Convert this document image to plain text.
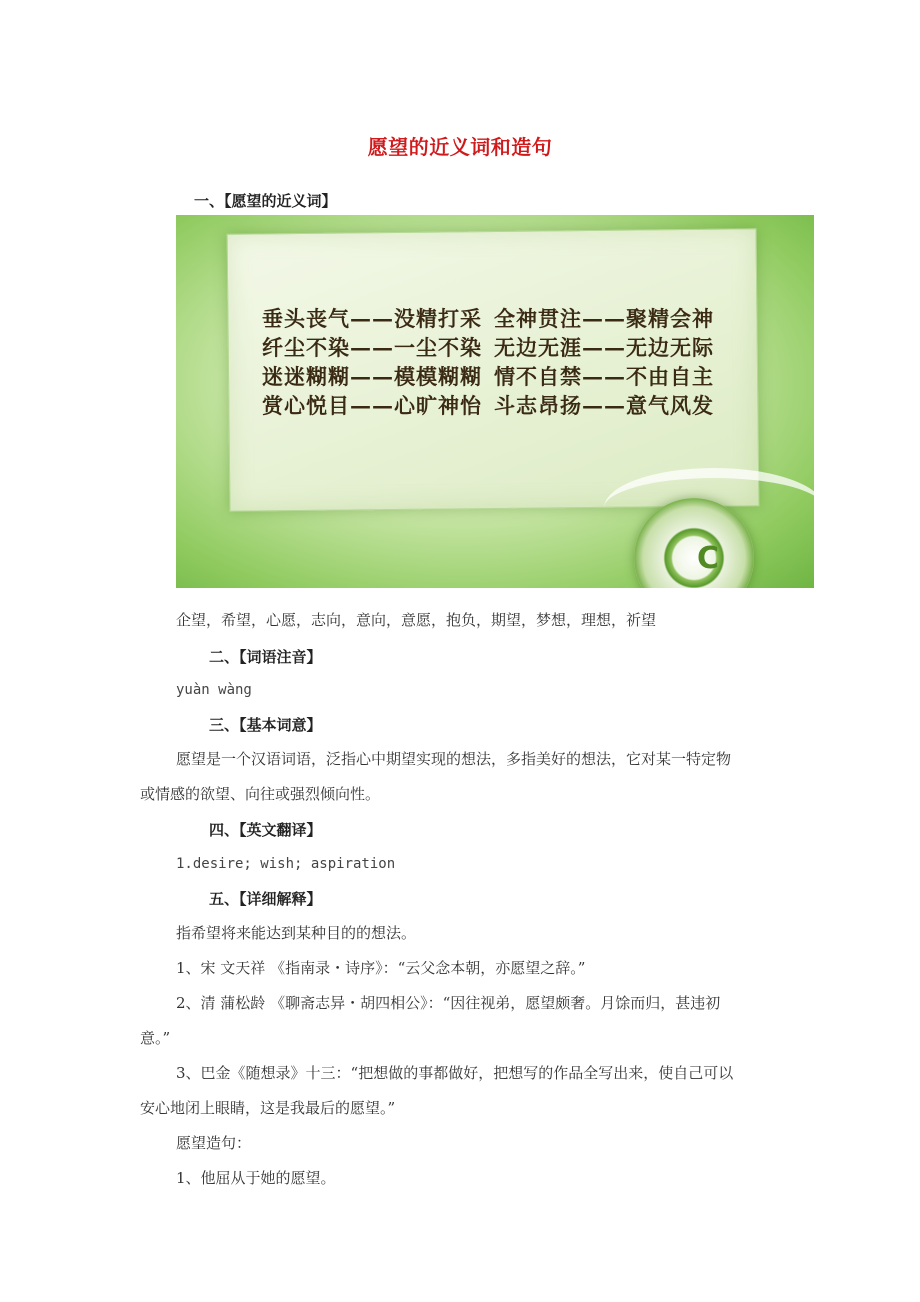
愿望的近义词和造句
一、【愿望的近义词】
垂头丧气——没精打采 全神贯注——聚精会神
纤尘不染——一尘不染 无边无涯——无边无际
迷迷糊糊——模模糊糊 情不自禁——不由自主
赏心悦目——心旷神怡 斗志昂扬——意气风发
C
企望，希望，心愿，志向，意向，意愿，抱负，期望，梦想，理想，祈望
二、【词语注音】
yuàn wàng
三、【基本词意】
愿望是一个汉语词语，泛指心中期望实现的想法，多指美好的想法，它对某一特定物
或情感的欲望、向往或强烈倾向性。
四、【英文翻译】
1.desire; wish; aspiration
五、【详细解释】
指希望将来能达到某种目的的想法。
1、宋 文天祥 《指南录・诗序》：“云父念本朝，亦愿望之辞。”
2、清 蒲松龄 《聊斋志异・胡四相公》：“因往视弟，愿望颇奢。月馀而归，甚违初
意。”
3、巴金《随想录》十三：“把想做的事都做好，把想写的作品全写出来，使自己可以
安心地闭上眼睛，这是我最后的愿望。”
愿望造句：
1、他屈从于她的愿望。
